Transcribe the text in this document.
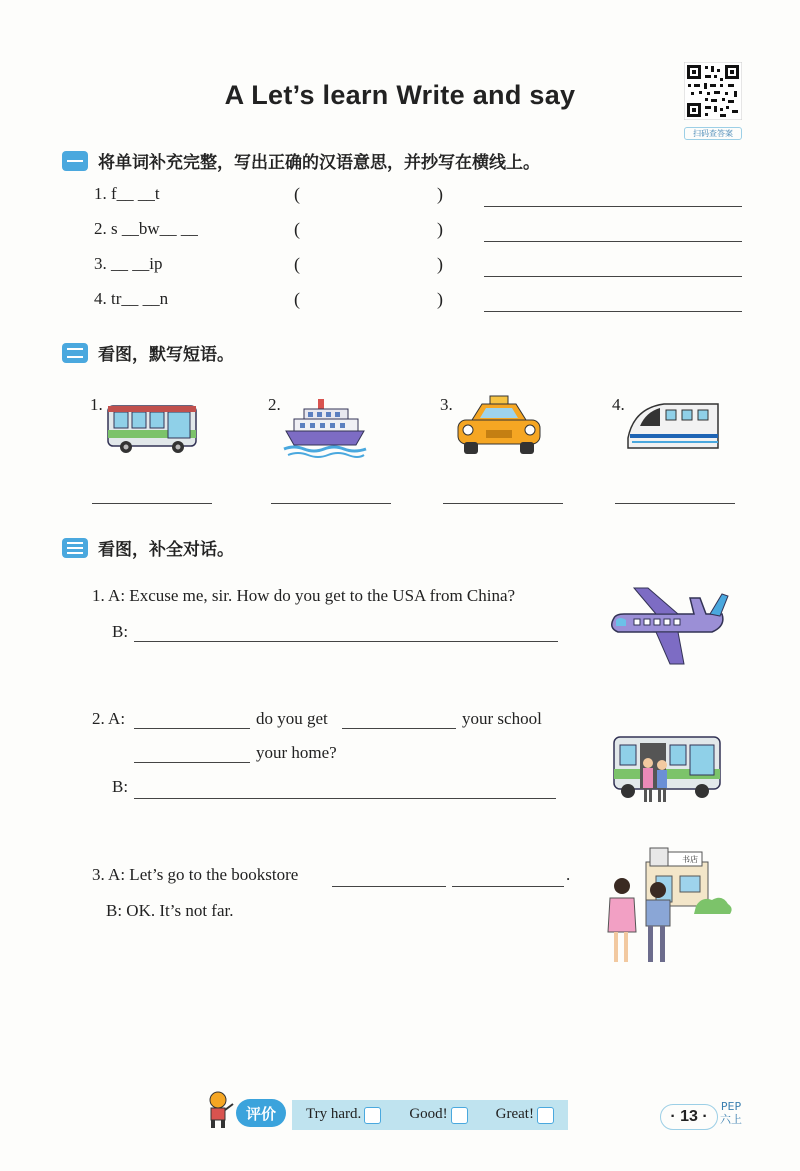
A Let’s learn Write and say
扫码查答案
将单词补充完整，写出正确的汉语意思，并抄写在横线上。
1. f__ __t	(	)
2. s __bw__ __	(	)
3. __ __ip	(	)
4. tr__ __n	(	)
看图，默写短语。
1.	2.	3.	4.
看图，补全对话。
1. A: Excuse me, sir. How do you get to the USA from China?
B:
2. A:	do you get	your school
your home?
B:
3. A: Let’s go to the bookstore	.
B: OK. It’s not far.
书店
评价	Try hard.	Good!	Great!	· 13 ·
PEP
六上
